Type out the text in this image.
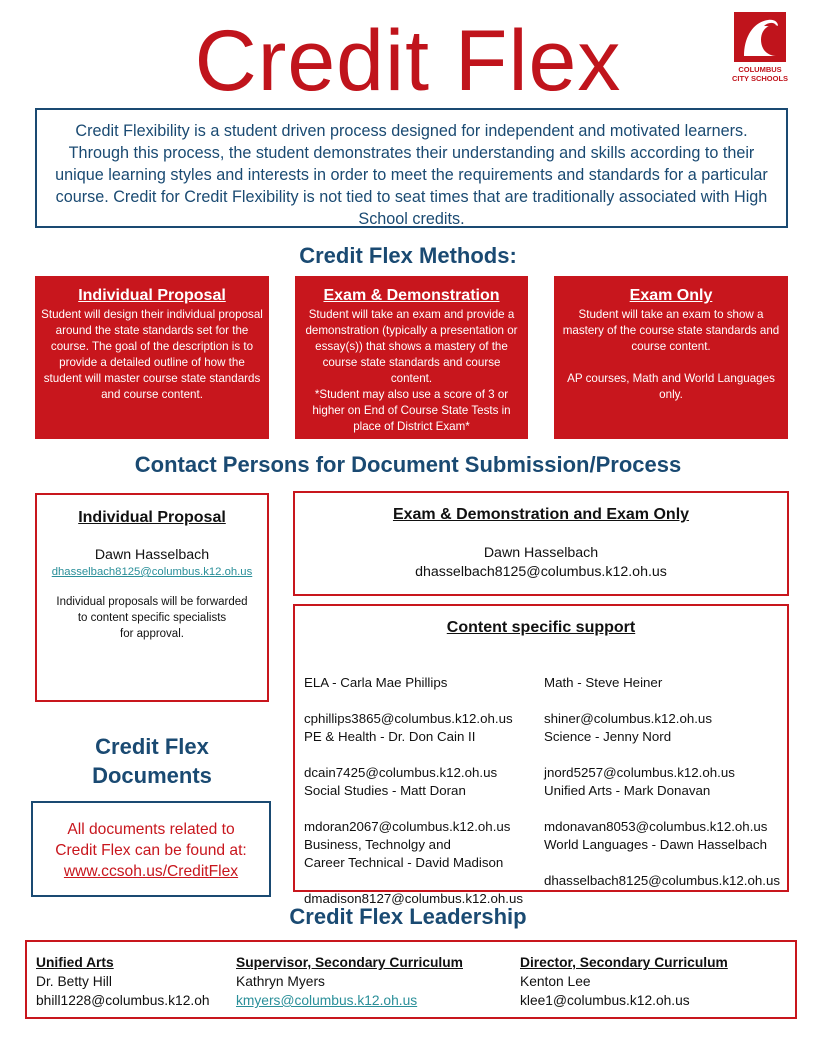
Credit Flex	COLUMBUS
CITY SCHOOLS

Credit Flexibility is a student driven process designed for independent and motivated learners. Through this process, the student demonstrates their understanding and skills according to their unique learning styles and interests in order to meet the requirements and standards for a particular course. Credit for Credit Flexibility is not tied to seat times that are traditionally associated with High School credits.

Credit Flex Methods:
Individual Proposal
Student will design their individual proposal around the state standards set for the course. The goal of the description is to provide a detailed outline of how the student will master course state standards and course content.
Exam & Demonstration
Student will take an exam and provide a demonstration (typically a presentation or essay(s)) that shows a mastery of the course state standards and course content.
*Student may also use a score of 3 or higher on End of Course State Tests in place of District Exam*
Exam Only
Student will take an exam to show a mastery of the course state standards and course content.

AP courses, Math and World Languages only.
Contact Persons for Document Submission/Process
Individual Proposal
Dawn Hasselbach
dhasselbach8125@columbus.k12.oh.us
Individual proposals will be forwarded
to content specific specialists
for approval.
Exam & Demonstration and Exam Only
Dawn Hasselbach
dhasselbach8125@columbus.k12.oh.us
Content specific support

ELA - Carla Mae Phillips

cphillips3865@columbus.k12.oh.us

Math - Steve Heiner

shiner@columbus.k12.oh.us

PE & Health - Dr. Don Cain II

dcain7425@columbus.k12.oh.us

Science - Jenny Nord

jnord5257@columbus.k12.oh.us

Social Studies - Matt Doran

mdoran2067@columbus.k12.oh.us

Unified Arts - Mark Donavan

mdonavan8053@columbus.k12.oh.us

Business, Technolgy and
Career Technical - David Madison

dmadison8127@columbus.k12.oh.us

World Languages - Dawn Hasselbach

dhasselbach8125@columbus.k12.oh.us

Credit Flex
Documents
All documents related to
Credit Flex can be found at:
www.ccsoh.us/CreditFlex
Credit Flex Leadership
Unified Arts
Dr. Betty Hill
bhill1228@columbus.k12.oh
Supervisor, Secondary Curriculum
Kathryn Myers
kmyers@columbus.k12.oh.us
Director, Secondary Curriculum
Kenton Lee
klee1@columbus.k12.oh.us
